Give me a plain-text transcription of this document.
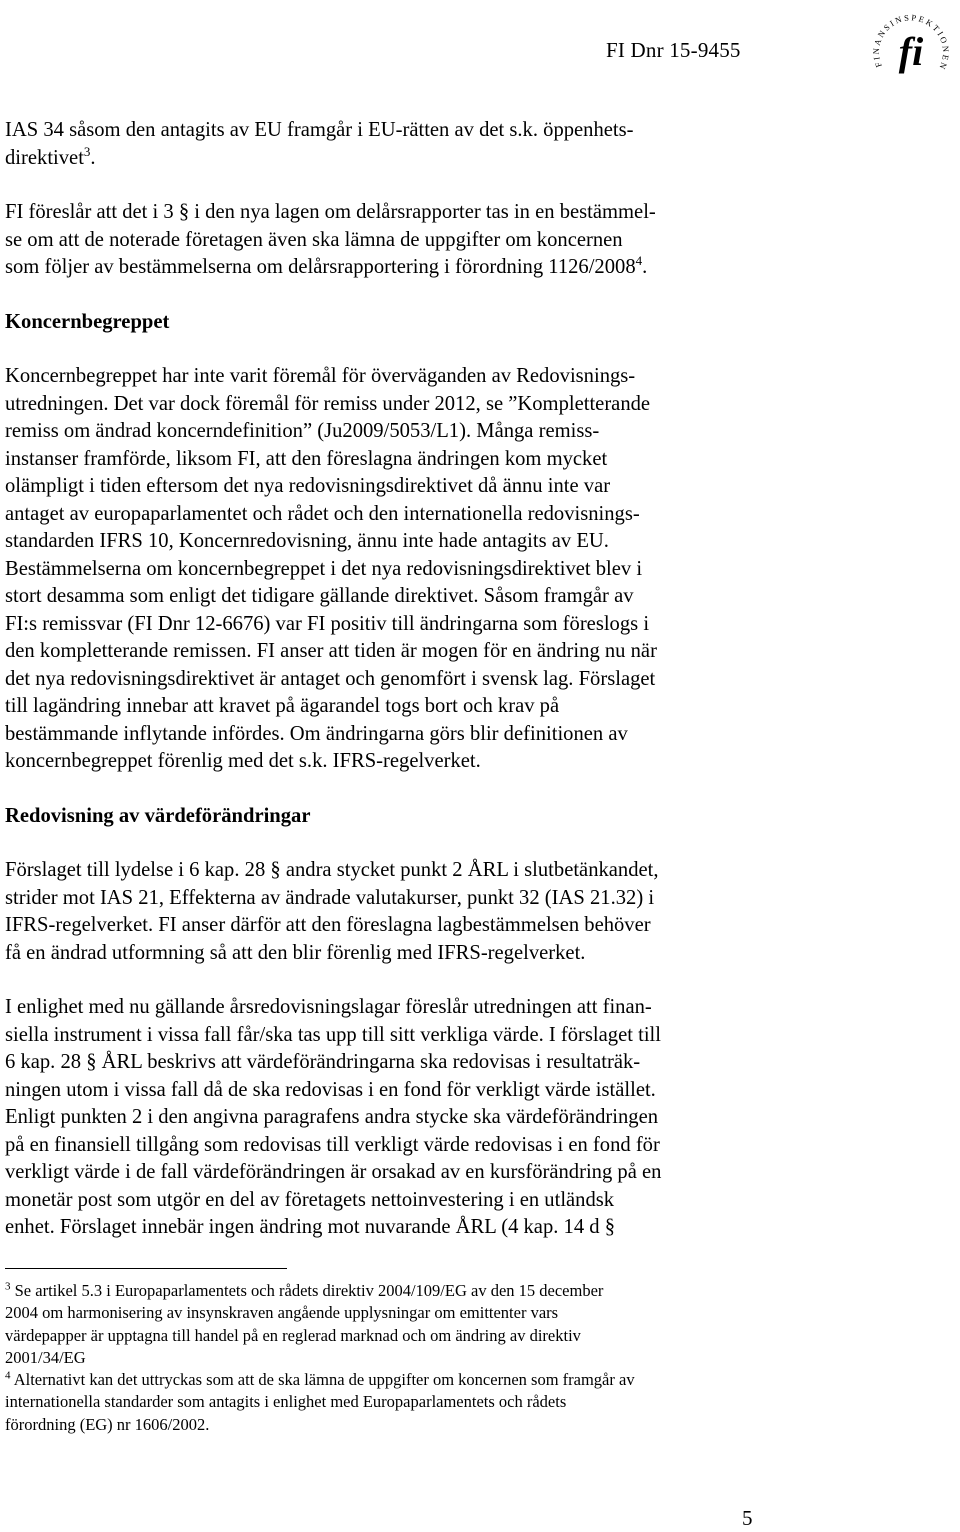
FI Dnr 15-9455
FINANSINSPEKTIONEN
fi

IAS 34 såsom den antagits av EU framgår i EU-rätten av det s.k. öppenhets-
direktivet$^3$.

FI föreslår att det i 3 § i den nya lagen om delårsrapporter tas in en bestämmel-
se om att de noterade företagen även ska lämna de uppgifter om koncernen
som följer av bestämmelserna om delårsrapportering i förordning 1126/2008$^4$.

Koncernbegreppet

Koncernbegreppet har inte varit föremål för överväganden av Redovisnings-
utredningen. Det var dock föremål för remiss under 2012, se ”Kompletterande
remiss om ändrad koncerndefinition” (Ju2009/5053/L1). Många remiss-
instanser framförde, liksom FI, att den föreslagna ändringen kom mycket
olämpligt i tiden eftersom det nya redovisningsdirektivet då ännu inte var
antaget av europaparlamentet och rådet och den internationella redovisnings-
standarden IFRS 10, Koncernredovisning, ännu inte hade antagits av EU.
Bestämmelserna om koncernbegreppet i det nya redovisningsdirektivet blev i
stort desamma som enligt det tidigare gällande direktivet. Såsom framgår av
FI:s remissvar (FI Dnr 12-6676) var FI positiv till ändringarna som föreslogs i
den kompletterande remissen. FI anser att tiden är mogen för en ändring nu när
det nya redovisningsdirektivet är antaget och genomfört i svensk lag. Förslaget
till lagändring innebar att kravet på ägarandel togs bort och krav på
bestämmande inflytande infördes. Om ändringarna görs blir definitionen av
koncernbegreppet förenlig med det s.k. IFRS-regelverket.

Redovisning av värdeförändringar

Förslaget till lydelse i 6 kap. 28 § andra stycket punkt 2 ÅRL i slutbetänkandet,
strider mot IAS 21, Effekterna av ändrade valutakurser, punkt 32 (IAS 21.32) i
IFRS-regelverket. FI anser därför att den föreslagna lagbestämmelsen behöver
få en ändrad utformning så att den blir förenlig med IFRS-regelverket.

I enlighet med nu gällande årsredovisningslagar föreslår utredningen att finan-
siella instrument i vissa fall får/ska tas upp till sitt verkliga värde. I förslaget till
6 kap. 28 § ÅRL beskrivs att värdeförändringarna ska redovisas i resultaträk-
ningen utom i vissa fall då de ska redovisas i en fond för verkligt värde istället.
Enligt punkten 2 i den angivna paragrafens andra stycke ska värdeförändringen
på en finansiell tillgång som redovisas till verkligt värde redovisas i en fond för
verkligt värde i de fall värdeförändringen är orsakad av en kursförändring på en
monetär post som utgör en del av företagets nettoinvestering i en utländsk
enhet. Förslaget innebär ingen ändring mot nuvarande ÅRL (4 kap. 14 d §

$^3$ Se artikel 5.3 i Europaparlamentets och rådets direktiv 2004/109/EG av den 15 december
2004 om harmonisering av insynskraven angående upplysningar om emittenter vars
värdepapper är upptagna till handel på en reglerad marknad och om ändring av direktiv
2001/34/EG

$^4$ Alternativt kan det uttryckas som att de ska lämna de uppgifter om koncernen som framgår av
internationella standarder som antagits i enlighet med Europaparlamentets och rådets
förordning (EG) nr 1606/2002.

5
